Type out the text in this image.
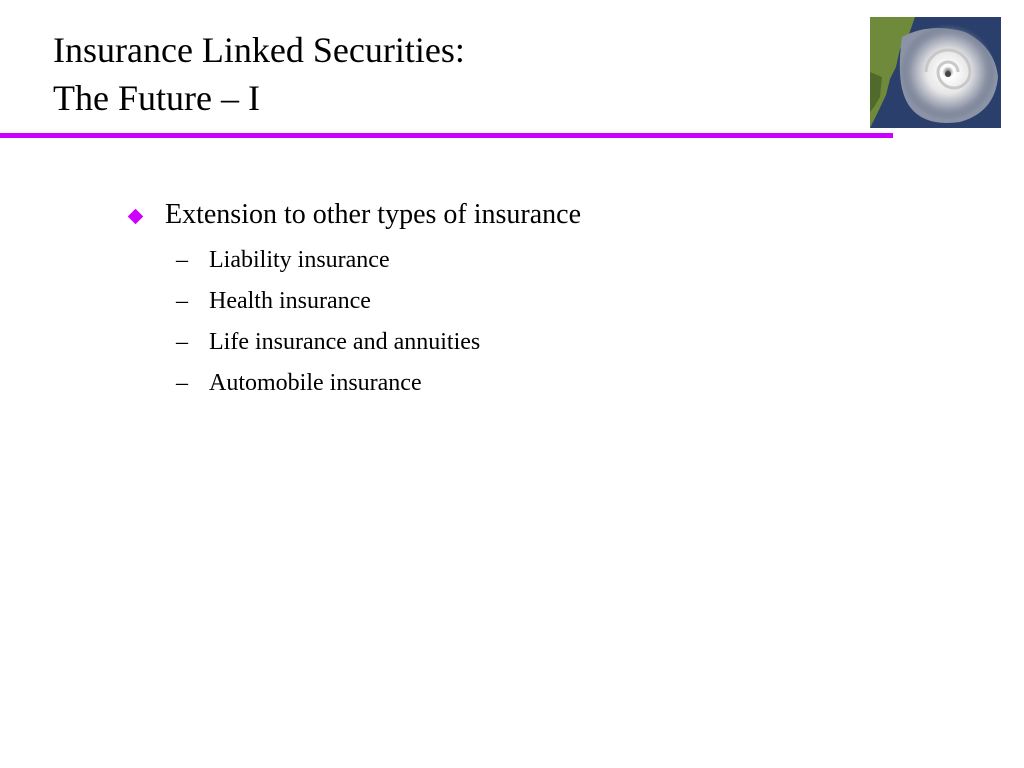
Insurance Linked Securities:
The Future – I
Extension to other types of insurance
– Liability insurance
– Health insurance
– Life insurance and annuities
– Automobile insurance
